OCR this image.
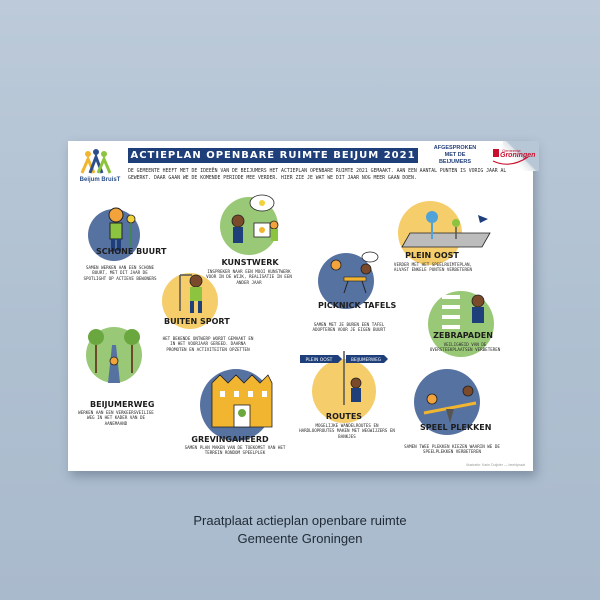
Beijum BruisT
ACTIEPLAN OPENBARE RUIMTE BEIJUM 2021
AFGESPROKEN
MET DE
BEIJUMERS
Gemeente
Groningen
DE GEMEENTE HEEFT MET DE IDEEËN VAN DE BEIJUMERS HET ACTIEPLAN OPENBARE RUIMTE 2021 GEMAAKT. AAN EEN AANTAL PUNTEN IS VORIG JAAR AL GEWERKT. DAAR GAAN WE DE KOMENDE PERIODE MEE VERDER. HIER ZIE JE WAT WE DIT JAAR NOG MEER GAAN DOEN.
SCHONE BUURT
SAMEN WERKEN AAN EEN SCHONE BUURT, MET DIT JAAR DE SPOTLIGHT OP ACTIEVE BEWONERS
KUNSTWERK
INSPREKER NAAR EEN MOOI KUNSTWERK VOOR IN DE WIJK, REALISATIE IN EEN ANDER JAAR
PLEIN OOST
VERDER MET HET SPEELRUIMTEPLAN, ALVAST ENKELE PUNTEN VERBETEREN
BUITEN SPORT
HET BEKENDE ONTWERP WORDT GEMAAKT EN IN HET VOORJAAR GEREED. DAARNA PROMOTEN EN ACTIVITEITEN OPZETTEN
PICKNICK TAFELS
SAMEN MET JE BUREN EEN TAFEL ADOPTEREN VOOR JE EIGEN BUURT
ZEBRAPADEN
VEILIGHEID VAN DE OVERSTEEKPLAATSEN VERBETEREN
BEIJUMERWEG
WERKEN AAN EEN VERKEERSVEILIGE WEG IN HET KADER VAN DE AANEMAAND
GREVINGAHEERD
SAMEN PLAN MAKEN VAN DE TOEKOMST VAN HET TERREIN RONDOM SPEELPLEK
PLEIN OOST	BEIJUMERWEG
ROUTES
MOGELIJKE WANDELROUTES EN HARDLOOPROUTES MAKEN MET WEGWIJZERS EN BANKJES
SPEEL PLEKKEN
SAMEN TWEE PLEKKEN KIEZEN WAARIN WE DE SPEELPLEKKEN VERBETEREN
illustratie: Karin Duijster — beeldpraat
Praatplaat actieplan openbare ruimte
Gemeente Groningen
